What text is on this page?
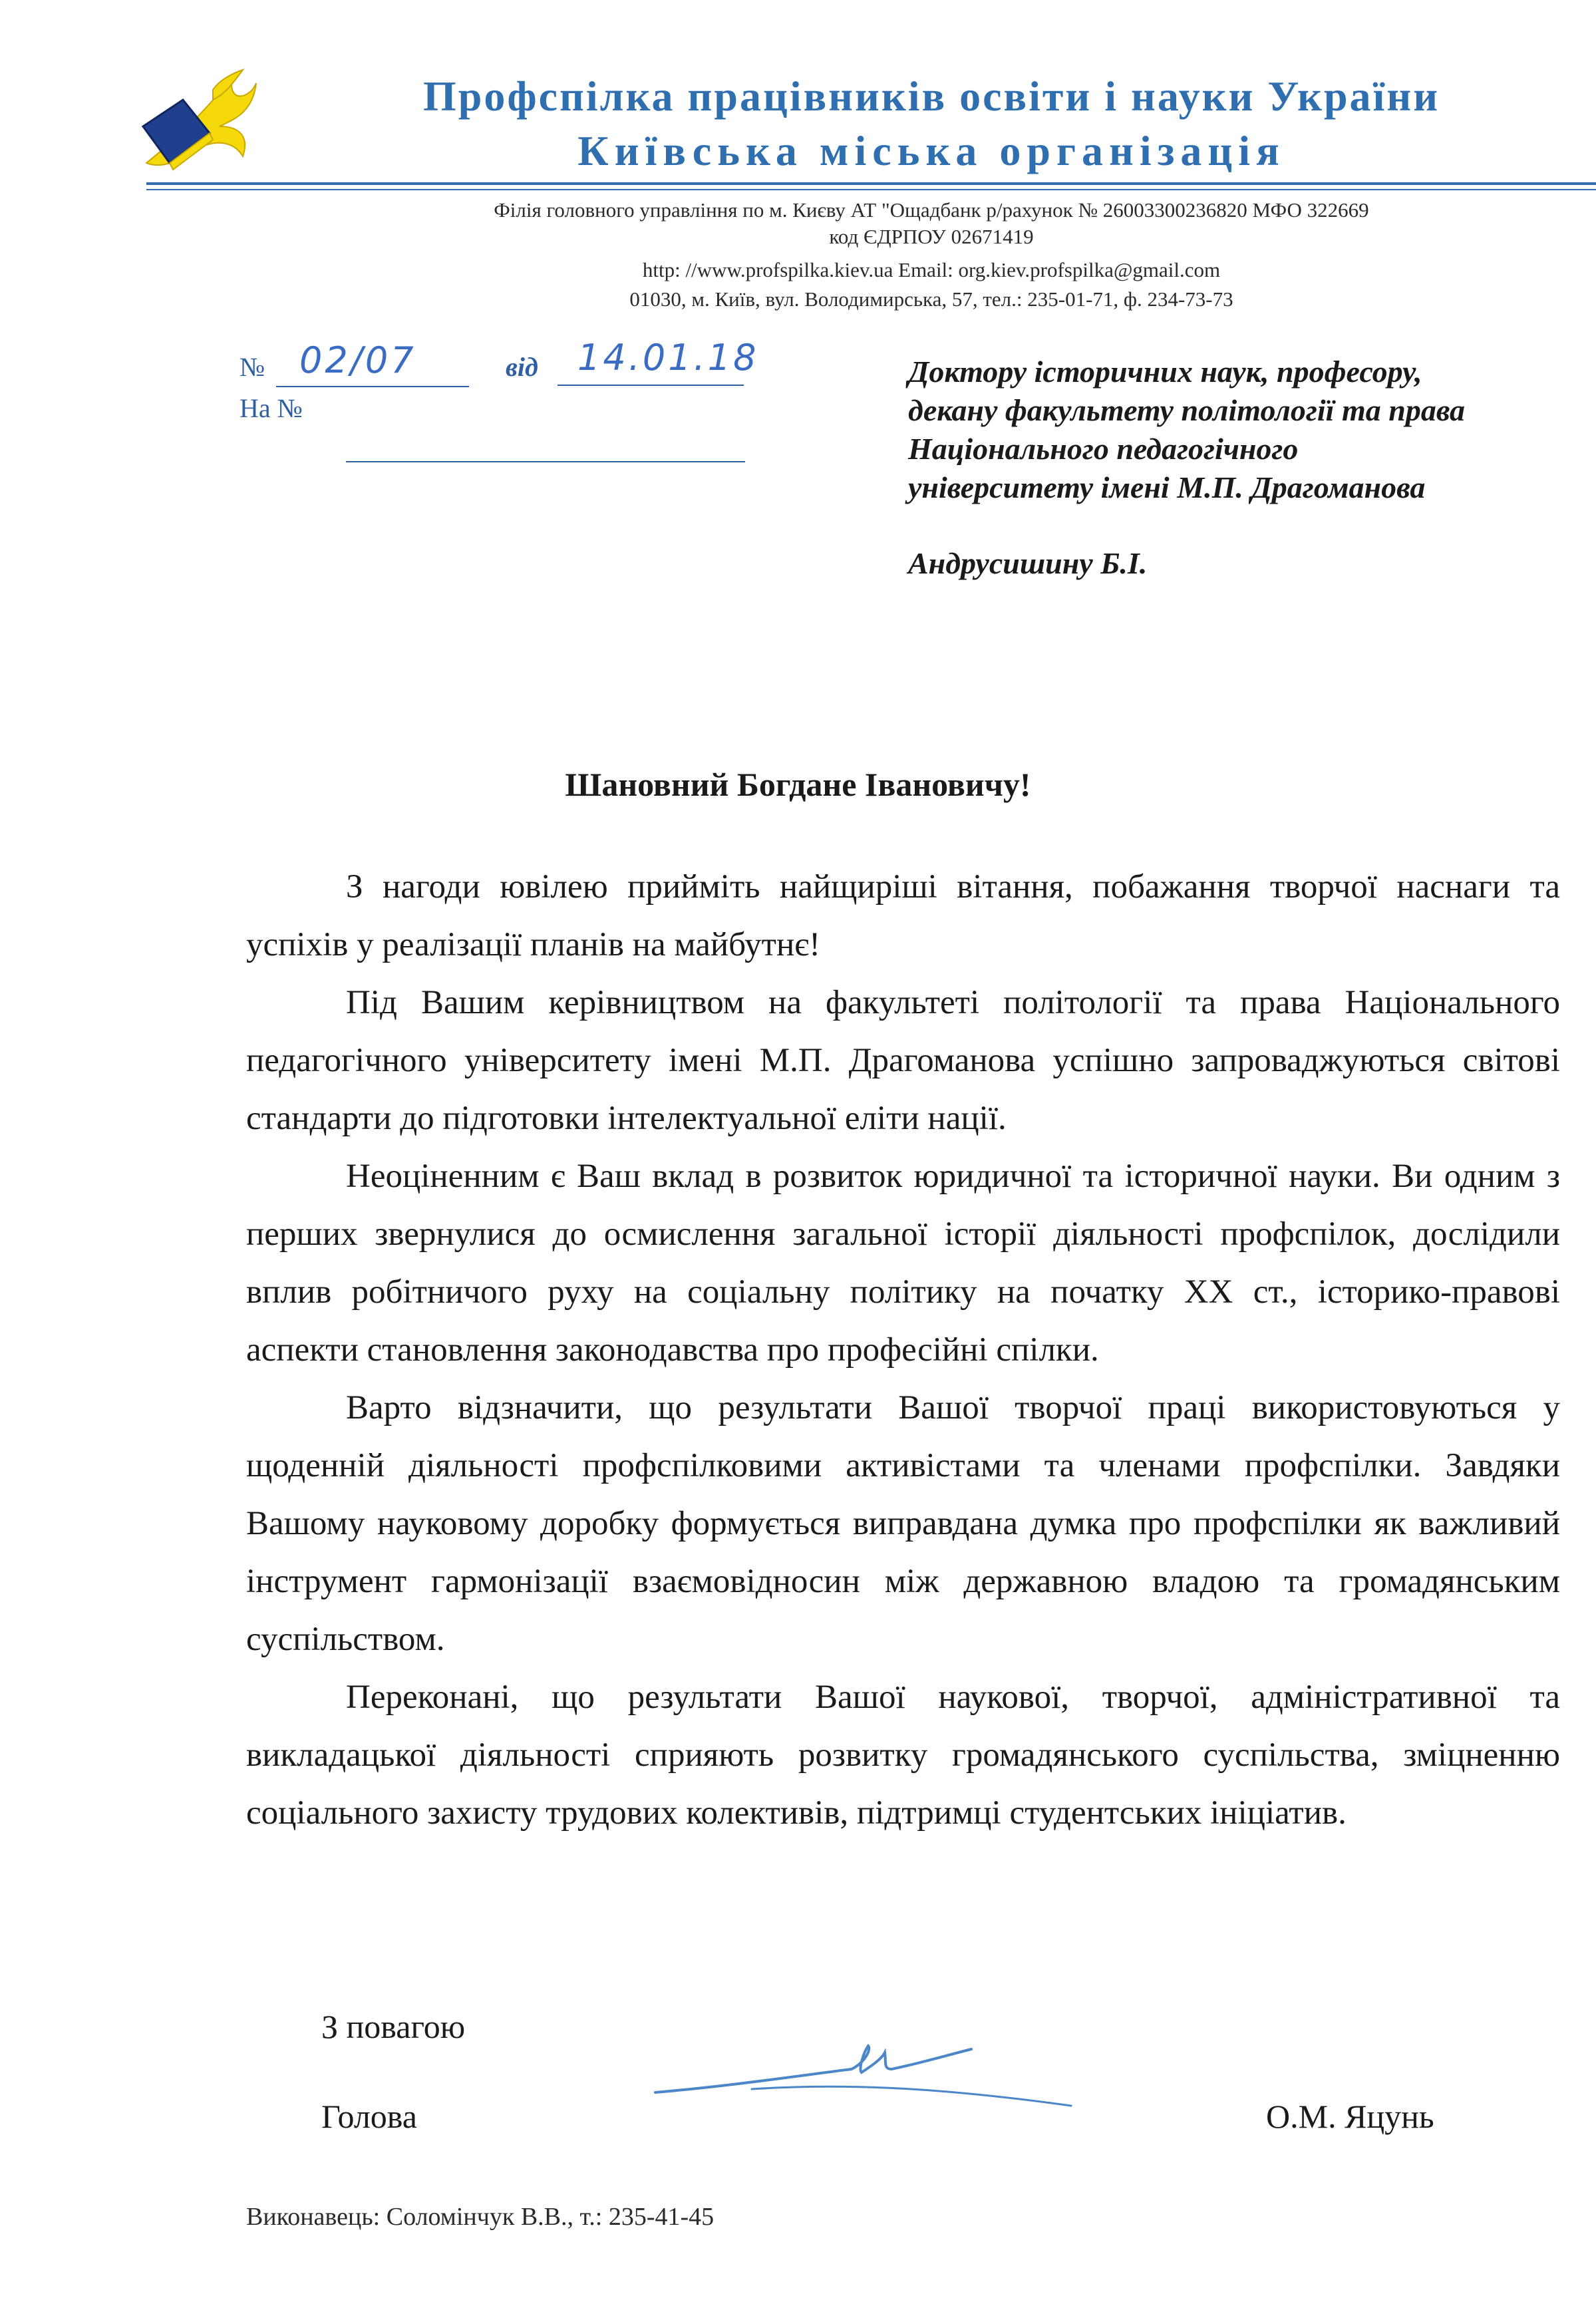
Профспілка працівників освіти і науки України
Київська міська організація
Філія головного управління по м. Києву АТ "Ощадбанк р/рахунок № 26003300236820 МФО 322669
код ЄДРПОУ 02671419
http: //www.profspilka.kiev.ua Email: org.kiev.profspilka@gmail.com
01030, м. Київ, вул. Володимирська, 57, тел.: 235-01-71, ф. 234-73-73
№ 02/07	від 14.01.18
На №
Доктору історичних наук, професору,
декану факультету політології та права
Національного педагогічного
університету імені М.П. Драгоманова
Андрусишину Б.І.
Шановний Богдане Івановичу!

З нагоди ювілею прийміть найщиріші вітання, побажання творчої наснаги та успіхів у реалізації планів на майбутнє!

Під Вашим керівництвом на факультеті політології та права Національного педагогічного університету імені М.П. Драгоманова успішно запроваджуються світові стандарти до підготовки інтелектуальної еліти нації.

Неоціненним є Ваш вклад в розвиток юридичної та історичної науки. Ви одним з перших звернулися до осмислення загальної історії діяльності профспілок, дослідили вплив робітничого руху на соціальну політику на початку XX ст., історико-правові аспекти становлення законодавства про професійні спілки.

Варто відзначити, що результати Вашої творчої праці використовуються у щоденній діяльності профспілковими активістами та членами профспілки. Завдяки Вашому науковому доробку формується виправдана думка про профспілки як важливий інструмент гармонізації взаємовідносин між державною владою та громадянським суспільством.

Переконані, що результати Вашої наукової, творчої, адміністративної та викладацької діяльності сприяють розвитку громадянського суспільства, зміцненню соціального захисту трудових колективів, підтримці студентських ініціатив.

З повагою
Голова	О.М. Яцунь
Виконавець: Соломінчук В.В., т.: 235-41-45
